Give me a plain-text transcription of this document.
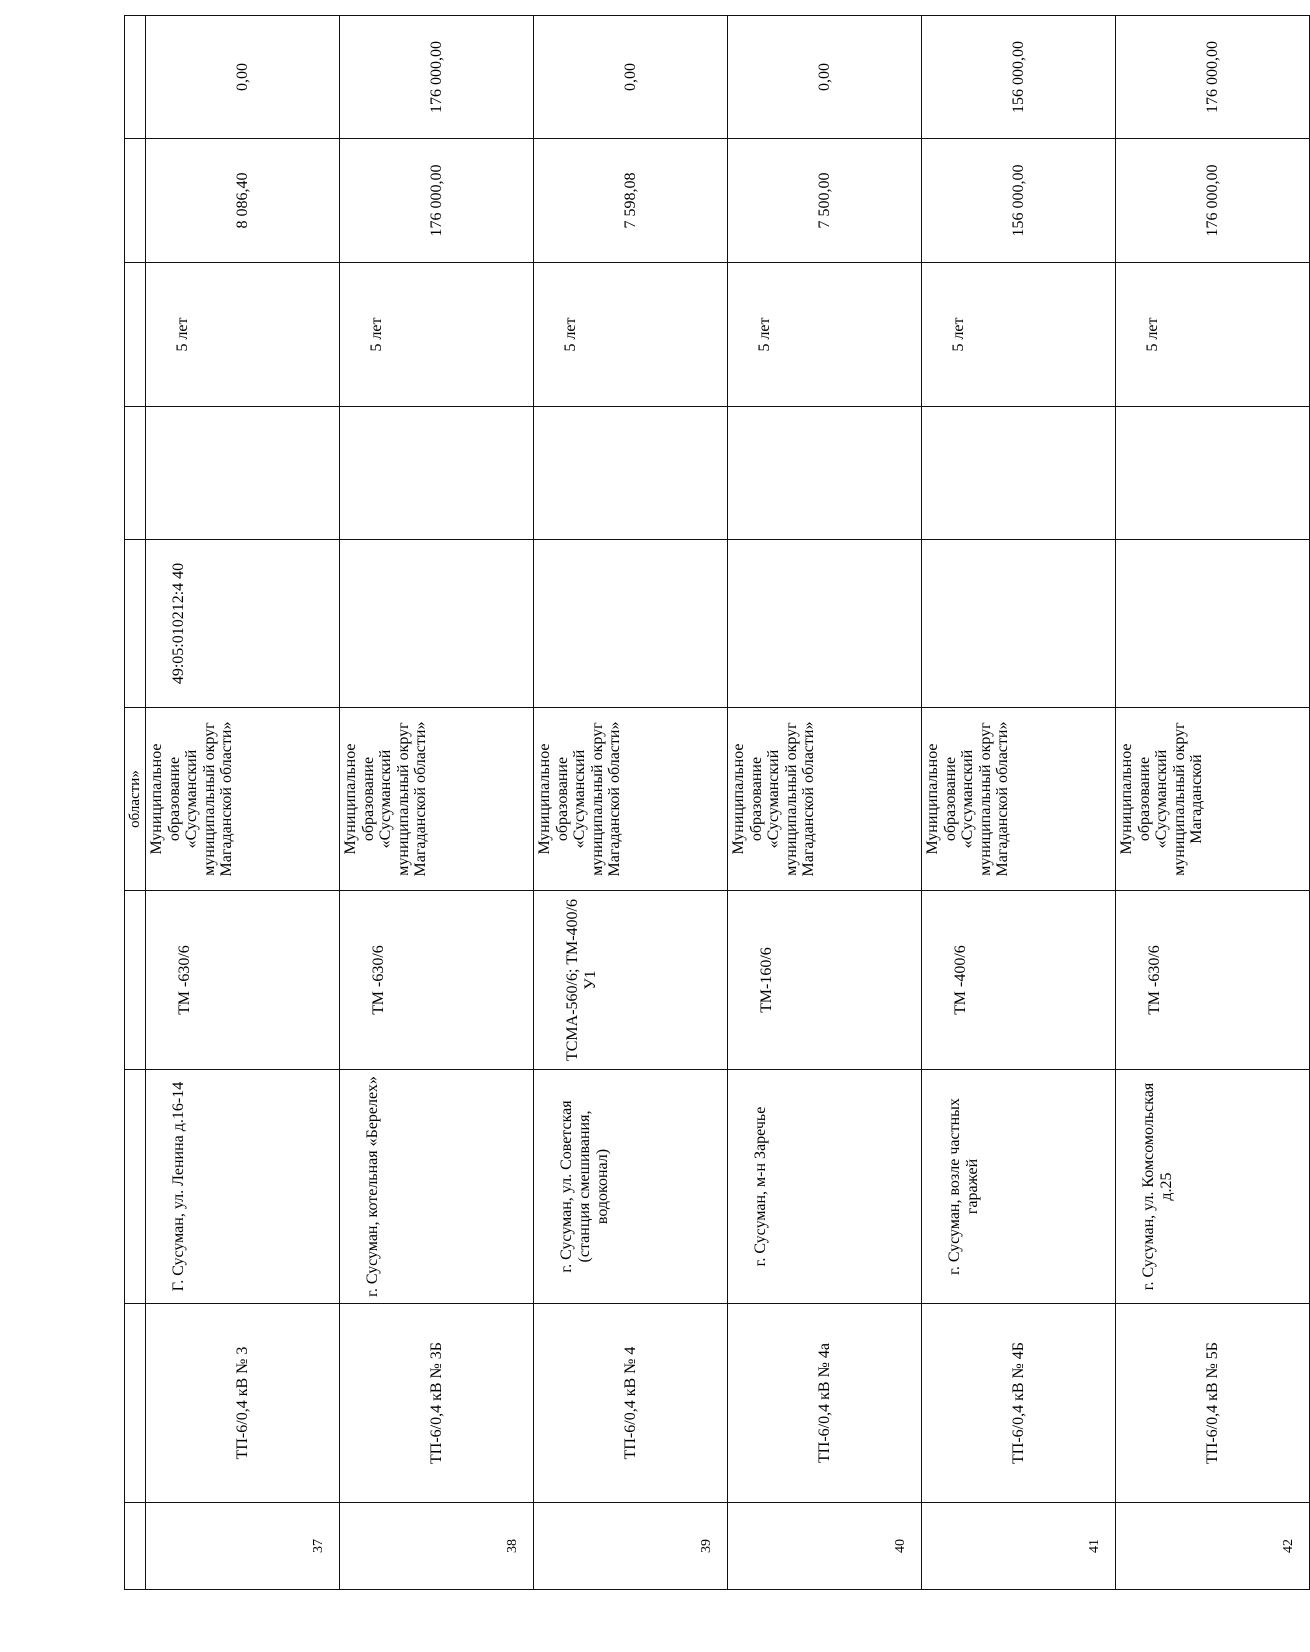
				области»					
37	ТП-6/0,4 кВ № 3	Г. Сусуман, ул. Ленина д.16-14	ТМ -630/6	Муниципальное образование «Сусуманский муниципальный округ Магаданской области»	49:05:010212:4 40		5 лет	8 086,40	0,00
38	ТП-6/0,4 кВ № 3Б	г. Сусуман, котельная «Берелех»	ТМ -630/6	Муниципальное образование «Сусуманский муниципальный округ Магаданской области»			5 лет	176 000,00	176 000,00
39	ТП-6/0,4 кВ № 4	г. Сусуман, ул. Советская (станция смешивания, водоконал)	ТСМА-560/6; ТМ-400/6 У1	Муниципальное образование «Сусуманский муниципальный округ Магаданской области»			5 лет	7 598,08	0,00
40	ТП-6/0,4 кВ № 4а	г. Сусуман, м-н Заречье	ТМ-160/6	Муниципальное образование «Сусуманский муниципальный округ Магаданской области»			5 лет	7 500,00	0,00
41	ТП-6/0,4 кВ № 4Б	г. Сусуман, возле частных гаражей	ТМ -400/6	Муниципальное образование «Сусуманский муниципальный округ Магаданской области»			5 лет	156 000,00	156 000,00
42	ТП-6/0,4 кВ № 5Б	г. Сусуман, ул. Комсомольская д.25	ТМ -630/6	Муниципальное образование «Сусуманский муниципальный округ Магаданской			5 лет	176 000,00	176 000,00
